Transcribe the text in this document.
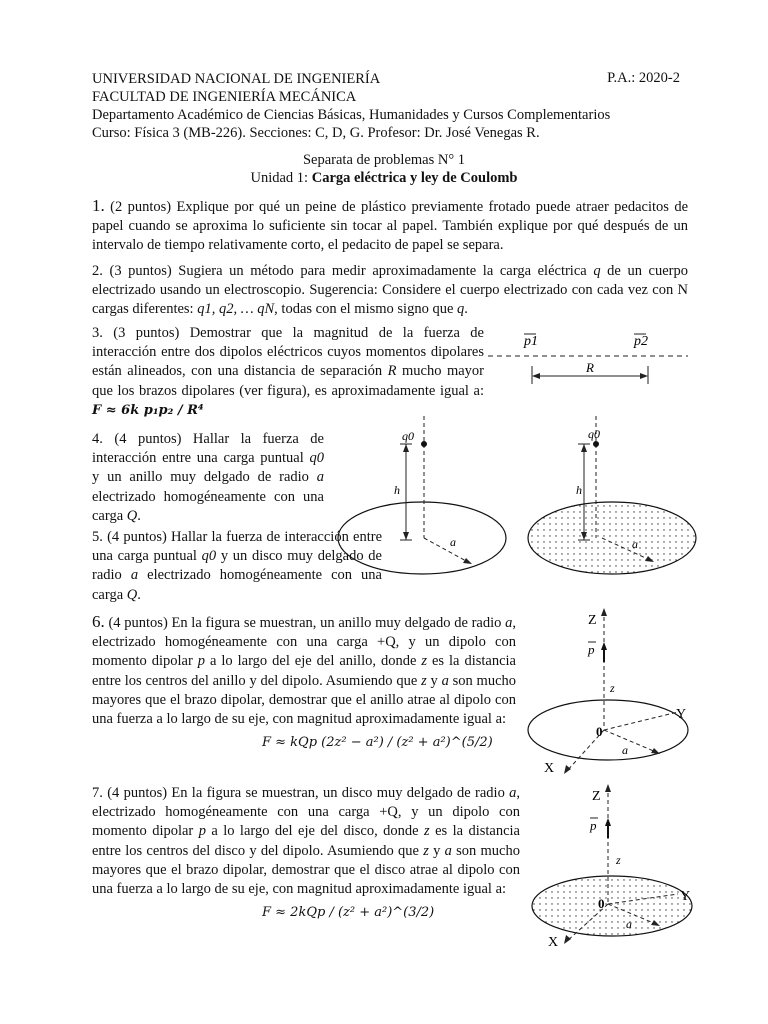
UNIVERSIDAD NACIONAL DE INGENIERÍA	P.A.: 2020-2
FACULTAD DE INGENIERÍA MECÁNICA
Departamento Académico de Ciencias Básicas, Humanidades y Cursos Complementarios
Curso: Física 3 (MB-226). Secciones: C, D, G. Profesor: Dr. José Venegas R.
Separata de problemas N° 1
Unidad 1: Carga eléctrica y ley de Coulomb
1. (2 puntos) Explique por qué un peine de plástico previamente frotado puede atraer pedacitos de papel cuando se aproxima lo suficiente sin tocar al papel. También explique por qué después de un intervalo de tiempo relativamente corto, el pedacito de papel se separa.
2. (3 puntos) Sugiera un método para medir aproximadamente la carga eléctrica q de un cuerpo electrizado usando un electroscopio. Sugerencia: Considere el cuerpo electrizado con cada vez con N cargas diferentes: q1, q2, … qN, todas con el mismo signo que q.
3. (3 puntos) Demostrar que la magnitud de la fuerza de interacción entre dos dipolos eléctricos cuyos momentos dipolares están alineados, con una distancia de separación R mucho mayor que los brazos dipolares (ver figura), es aproximadamente igual a: F ≈ 6k p₁p₂ / R⁴
p1	p2
R
4. (4 puntos) Hallar la fuerza de interacción entre una carga puntual q0 y un anillo muy delgado de radio a electrizado homogéneamente con una carga Q.
5. (4 puntos) Hallar la fuerza de interacción entre una carga puntual q0 y un disco muy delgado de radio a electrizado homogéneamente con una carga Q.
q0
h
a
q0
h
a
6. (4 puntos) En la figura se muestran, un anillo muy delgado de radio a, electrizado homogéneamente con una carga +Q, y un dipolo con momento dipolar p a lo largo del eje del anillo, donde z es la distancia entre los centros del anillo y del dipolo. Asumiendo que z y a son mucho mayores que el brazo dipolar, demostrar que el anillo atrae al dipolo con una fuerza a lo largo de su eje, con magnitud aproximadamente igual a:
F ≈ kQp (2z² − a²) / (z² + a²)^(5/2)
Z
p
z
Y
0
a
X
7. (4 puntos) En la figura se muestran, un disco muy delgado de radio a, electrizado homogéneamente con una carga +Q, y un dipolo con momento dipolar p a lo largo del eje del disco, donde z es la distancia entre los centros del disco y del dipolo. Asumiendo que z y a son mucho mayores que el brazo dipolar, demostrar que el disco atrae al dipolo con una fuerza a lo largo de su eje, con magnitud aproximadamente igual a:
F ≈ 2kQp / (z² + a²)^(3/2)
Z
p
z
Y
0
a
X
